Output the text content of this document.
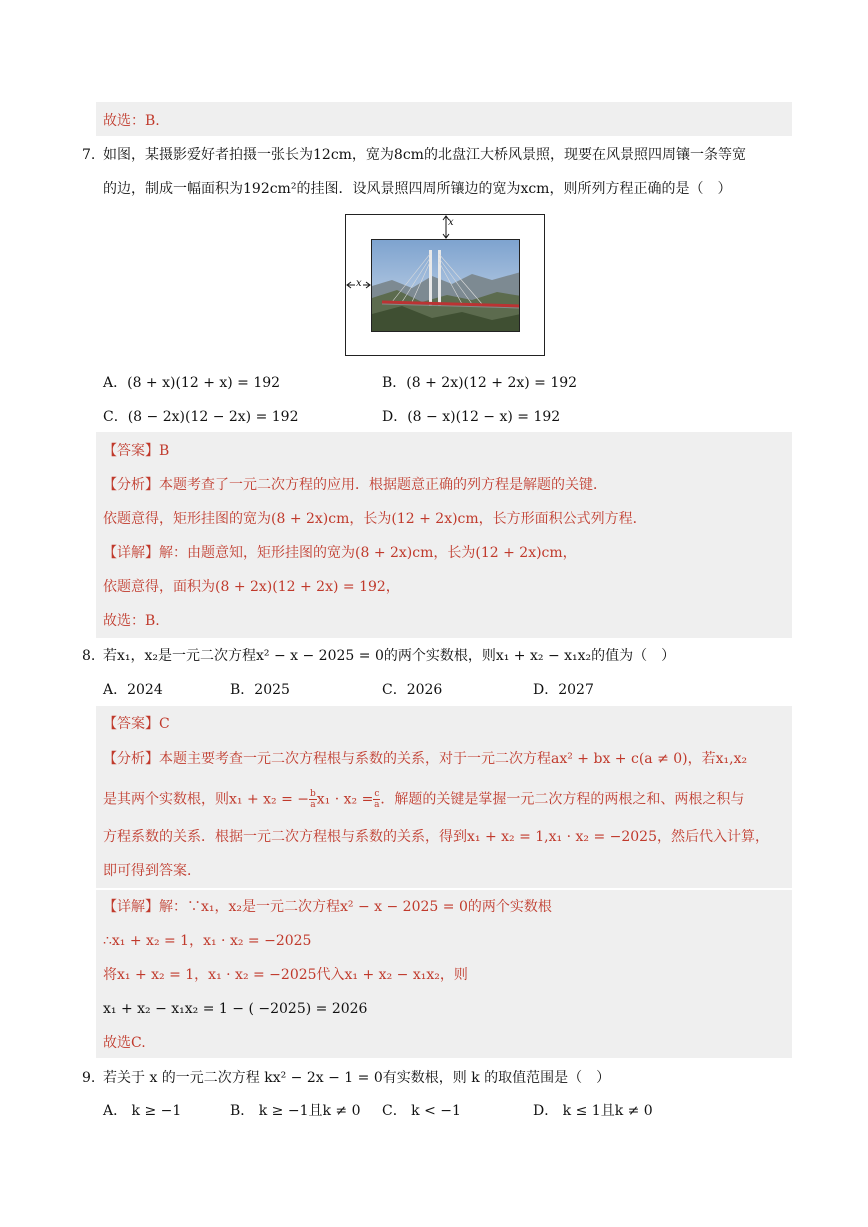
故选：B.
7. 如图，某摄影爱好者拍摄一张长为12cm，宽为8cm的北盘江大桥风景照，现要在风景照四周镶一条等宽
的边，制成一幅面积为192cm²的挂图．设风景照四周所镶边的宽为xcm，则所列方程正确的是（　）
x
x
A．(8 + x)(12 + x) = 192	B．(8 + 2x)(12 + 2x) = 192
C．(8 − 2x)(12 − 2x) = 192	D．(8 − x)(12 − x) = 192
【答案】B
【分析】本题考查了一元二次方程的应用．根据题意正确的列方程是解题的关键．
依题意得，矩形挂图的宽为(8 + 2x)cm，长为(12 + 2x)cm，长方形面积公式列方程．
【详解】解：由题意知，矩形挂图的宽为(8 + 2x)cm，长为(12 + 2x)cm，
依题意得，面积为(8 + 2x)(12 + 2x) = 192，
故选：B.
8. 若x₁，x₂是一元二次方程x² − x − 2025 = 0的两个实数根，则x₁ + x₂ − x₁x₂的值为（　）
A．2024	B．2025	C．2026	D．2027
【答案】C
【分析】本题主要考查一元二次方程根与系数的关系，对于一元二次方程ax² + bx + c(a ≠ 0)，若x₁,x₂
是其两个实数根，则x₁ + x₂ = − $\frac{b}{a} x_1 \cdot x_2 = \frac{c}{a}$ ．解题的关键是掌握一元二次方程的两根之和、两根之积与
方程系数的关系．根据一元二次方程根与系数的关系，得到x₁ + x₂ = 1,x₁ · x₂ = −2025，然后代入计算，
即可得到答案．
【详解】解：∵x₁，x₂是一元二次方程x² − x − 2025 = 0的两个实数根
∴x₁ + x₂ = 1，x₁ · x₂ = −2025
将x₁ + x₂ = 1，x₁ · x₂ = −2025代入x₁ + x₂ − x₁x₂，则
x₁ + x₂ − x₁x₂ = 1 − ( −2025) = 2026
故选C.
9. 若关于 x 的一元二次方程 kx² − 2x − 1 = 0有实数根，则 k 的取值范围是（　）
A． k ≥ −1	B． k ≥ −1且k ≠ 0 C． k < −1	D． k ≤ 1且k ≠ 0
